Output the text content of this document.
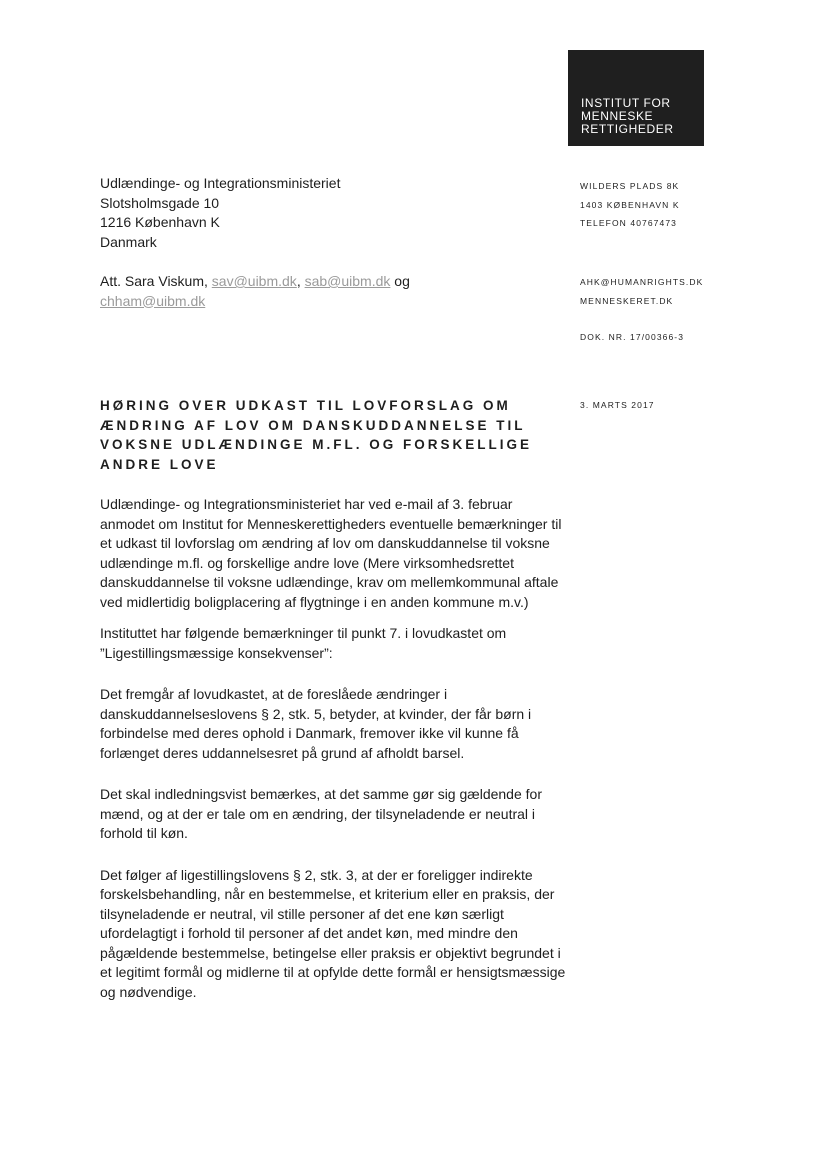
INSTITUT FOR
MENNESKE
RETTIGHEDER
Udlændinge- og Integrationsministeriet
Slotsholmsgade 10
1216 København K
Danmark
Att. Sara Viskum, sav@uibm.dk, sab@uibm.dk og
chham@uibm.dk
WILDERS PLADS 8K
1403 KØBENHAVN K
TELEFON 40767473
AHK@HUMANRIGHTS.DK
MENNESKERET.DK
DOK. NR. 17/00366-3
3. MARTS 2017
HØRING OVER UDKAST TIL LOVFORSLAG OM
ÆNDRING AF LOV OM DANSKUDDANNELSE TIL
VOKSNE UDLÆNDINGE M.FL. OG FORSKELLIGE
ANDRE LOVE

Udlændinge- og Integrationsministeriet har ved e-mail af 3. februar anmodet om Institut for Menneskerettigheders eventuelle bemærkninger til et udkast til lovforslag om ændring af lov om danskuddannelse til voksne udlændinge m.fl. og forskellige andre love (Mere virksomhedsrettet danskuddannelse til voksne udlændinge, krav om mellemkommunal aftale ved midlertidig boligplacering af flygtninge i en anden kommune m.v.)

Instituttet har følgende bemærkninger til punkt 7. i lovudkastet om ”Ligestillingsmæssige konsekvenser”:

Det fremgår af lovudkastet, at de foreslåede ændringer i danskuddannelseslovens § 2, stk. 5, betyder, at kvinder, der får børn i forbindelse med deres ophold i Danmark, fremover ikke vil kunne få forlænget deres uddannelsesret på grund af afholdt barsel.

Det skal indledningsvist bemærkes, at det samme gør sig gældende for mænd, og at der er tale om en ændring, der tilsyneladende er neutral i forhold til køn.

Det følger af ligestillingslovens § 2, stk. 3, at der er foreligger indirekte forskelsbehandling, når en bestemmelse, et kriterium eller en praksis, der tilsyneladende er neutral, vil stille personer af det ene køn særligt ufordelagtigt i forhold til personer af det andet køn, med mindre den pågældende bestemmelse, betingelse eller praksis er objektivt begrundet i et legitimt formål og midlerne til at opfylde dette formål er hensigtsmæssige og nødvendige.
